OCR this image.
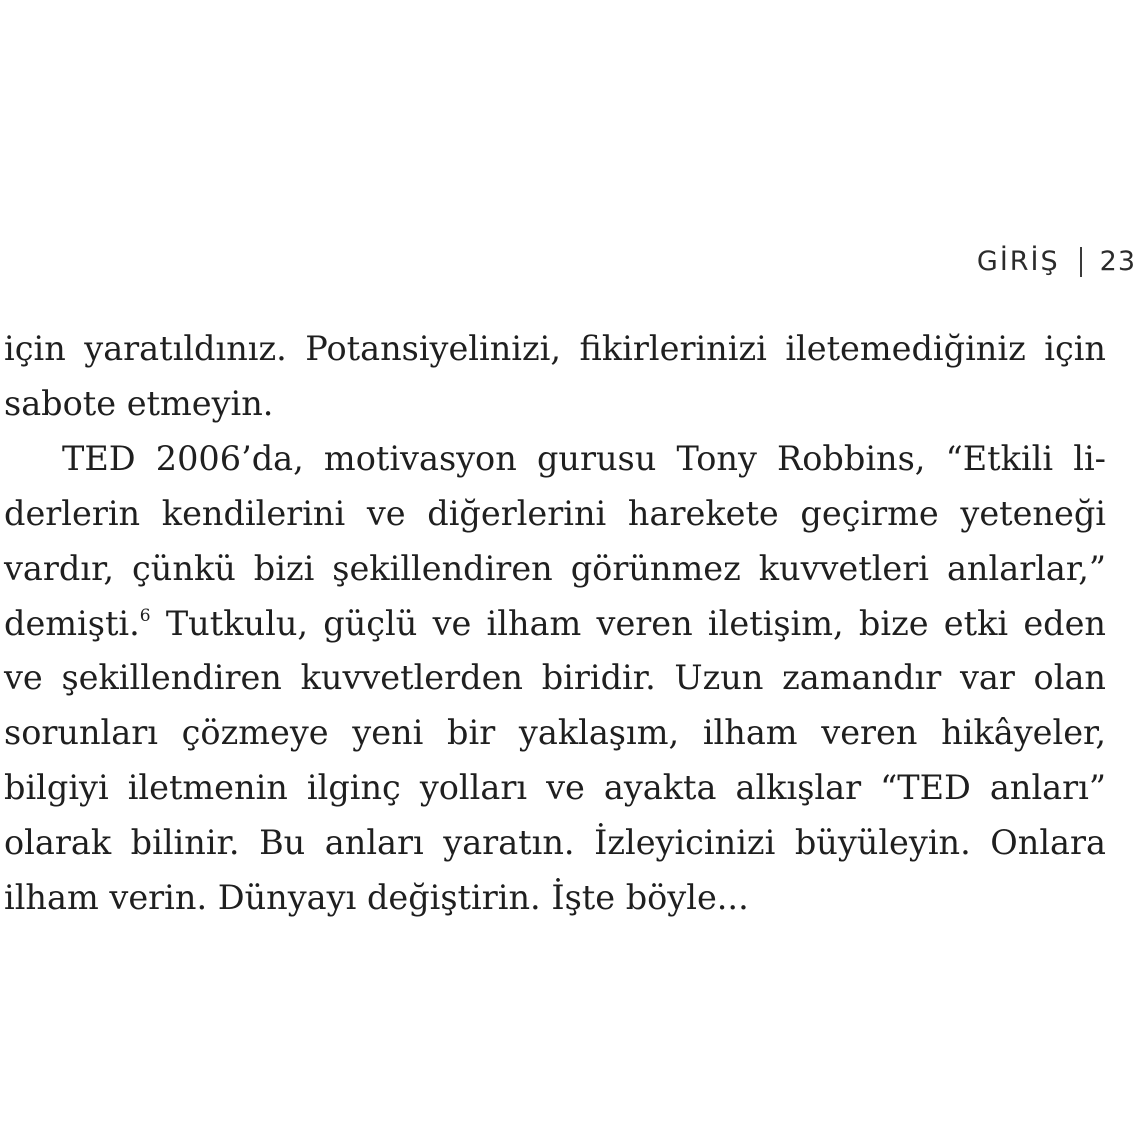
GİRİŞ 23

için yaratıldınız. Potansiyelinizi, fikirlerinizi iletemediğiniz için sabote etmeyin.

TED 2006’da, motivasyon gurusu Tony Robbins, “Etkili liderlerin kendilerini ve diğerlerini harekete geçirme yeteneği vardır, çünkü bizi şekillendiren görünmez kuvvetleri anlarlar,” demişti.$^6$ Tutkulu, güçlü ve ilham veren iletişim, bize etki eden ve şekillendiren kuvvetlerden biridir. Uzun zamandır var olan sorunları çözmeye yeni bir yaklaşım, ilham veren hikâyeler, bilgiyi iletmenin ilginç yolları ve ayakta alkışlar “TED anları” olarak bilinir. Bu anları yaratın. İzleyicinizi büyüleyin. Onlara ilham verin. Dünyayı değiştirin. İşte böyle...
